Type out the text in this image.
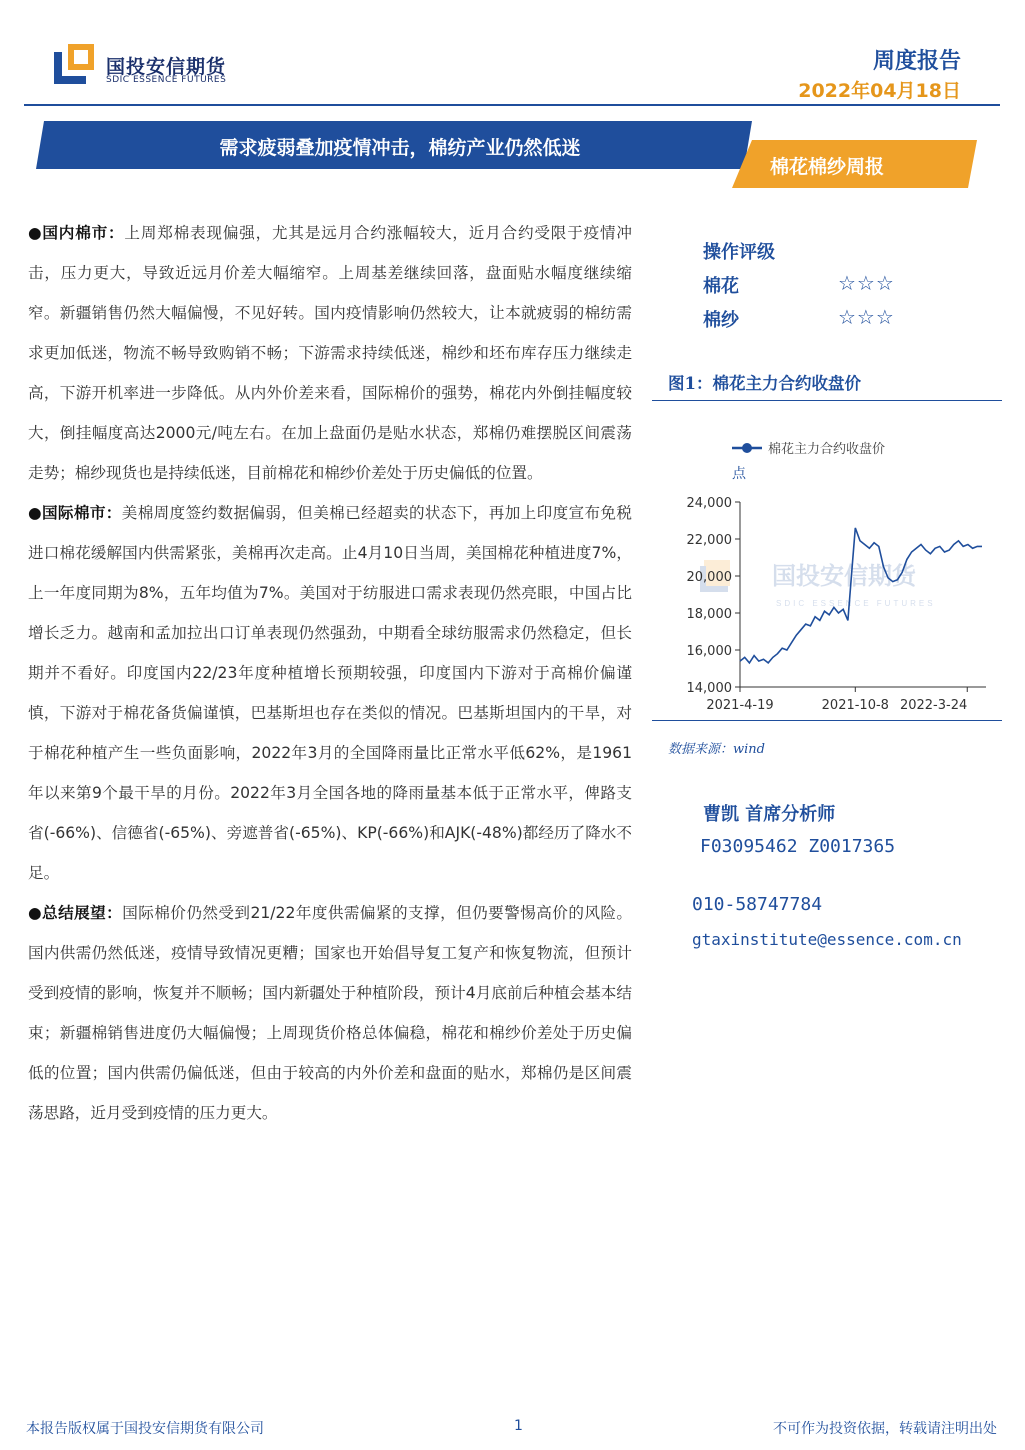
国投安信期货
SDIC ESSENCE FUTURES
周度报告
2022年04月18日
需求疲弱叠加疫情冲击，棉纺产业仍然低迷
棉花棉纱周报

●国内棉市：上周郑棉表现偏强，尤其是远月合约涨幅较大，近月合约受限于疫情冲击，压力更大，导致近远月价差大幅缩窄。上周基差继续回落，盘面贴水幅度继续缩窄。新疆销售仍然大幅偏慢，不见好转。国内疫情影响仍然较大，让本就疲弱的棉纺需求更加低迷，物流不畅导致购销不畅；下游需求持续低迷，棉纱和坯布库存压力继续走高，下游开机率进一步降低。从内外价差来看，国际棉价的强势，棉花内外倒挂幅度较大，倒挂幅度高达2000元/吨左右。在加上盘面仍是贴水状态，郑棉仍难摆脱区间震荡走势；棉纱现货也是持续低迷，目前棉花和棉纱价差处于历史偏低的位置。

●国际棉市：美棉周度签约数据偏弱，但美棉已经超卖的状态下，再加上印度宣布免税进口棉花缓解国内供需紧张，美棉再次走高。止4月10日当周，美国棉花种植进度7%，上一年度同期为8%，五年均值为7%。美国对于纺服进口需求表现仍然亮眼，中国占比增长乏力。越南和孟加拉出口订单表现仍然强劲，中期看全球纺服需求仍然稳定，但长期并不看好。印度国内22/23年度种植增长预期较强，印度国内下游对于高棉价偏谨慎，下游对于棉花备货偏谨慎，巴基斯坦也存在类似的情况。巴基斯坦国内的干旱，对于棉花种植产生一些负面影响，2022年3月的全国降雨量比正常水平低62%，是1961年以来第9个最干旱的月份。2022年3月全国各地的降雨量基本低于正常水平，俾路支省(-66%)、信德省(-65%)、旁遮普省(-65%)、KP(-66%)和AJK(-48%)都经历了降水不足。

●总结展望：国际棉价仍然受到21/22年度供需偏紧的支撑，但仍要警惕高价的风险。国内供需仍然低迷，疫情导致情况更糟；国家也开始倡导复工复产和恢复物流，但预计受到疫情的影响，恢复并不顺畅；国内新疆处于种植阶段，预计4月底前后种植会基本结束；新疆棉销售进度仍大幅偏慢；上周现货价格总体偏稳，棉花和棉纱价差处于历史偏低的位置；国内供需仍偏低迷，但由于较高的内外价差和盘面的贴水，郑棉仍是区间震荡思路，近月受到疫情的压力更大。

操作评级
棉花	☆☆☆
棉纱	☆☆☆
图1：棉花主力合约收盘价
国投安信期货
SDIC ESSENCE FUTURES
棉花主力合约收盘价
点
24,000
22,000
20,000
18,000
16,000
14,000
2021-4-19	2021-10-8 2022-3-24
数据来源：wind
曹凯 首席分析师
F03095462 Z0017365
010-58747784
gtaxinstitute@essence.com.cn
本报告版权属于国投安信期货有限公司	1	不可作为投资依据，转载请注明出处
